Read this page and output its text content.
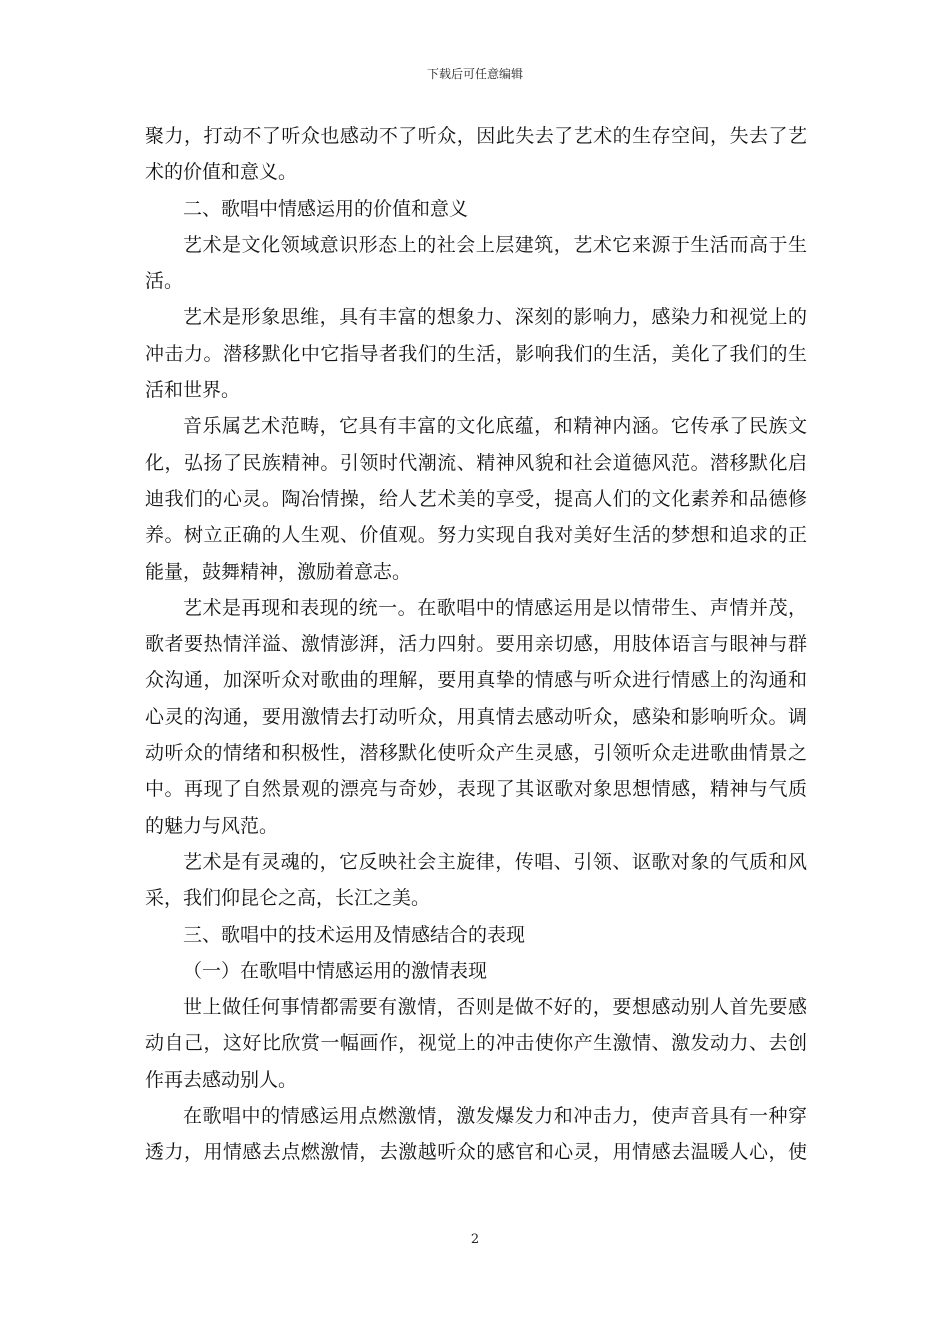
下载后可任意编辑
聚力，打动不了听众也感动不了听众，因此失去了艺术的生存空间，失去了艺
术的价值和意义。
二、歌唱中情感运用的价值和意义
艺术是文化领域意识形态上的社会上层建筑，艺术它来源于生活而高于生
活。
艺术是形象思维，具有丰富的想象力、深刻的影响力，感染力和视觉上的
冲击力。潜移默化中它指导者我们的生活，影响我们的生活，美化了我们的生
活和世界。
音乐属艺术范畴，它具有丰富的文化底蕴，和精神内涵。它传承了民族文
化，弘扬了民族精神。引领时代潮流、精神风貌和社会道德风范。潜移默化启
迪我们的心灵。陶冶情操，给人艺术美的享受，提高人们的文化素养和品德修
养。树立正确的人生观、价值观。努力实现自我对美好生活的梦想和追求的正
能量，鼓舞精神，激励着意志。
艺术是再现和表现的统一。在歌唱中的情感运用是以情带生、声情并茂，
歌者要热情洋溢、激情澎湃，活力四射。要用亲切感，用肢体语言与眼神与群
众沟通，加深听众对歌曲的理解，要用真挚的情感与听众进行情感上的沟通和
心灵的沟通，要用激情去打动听众，用真情去感动听众，感染和影响听众。调
动听众的情绪和积极性，潜移默化使听众产生灵感，引领听众走进歌曲情景之
中。再现了自然景观的漂亮与奇妙，表现了其讴歌对象思想情感，精神与气质
的魅力与风范。
艺术是有灵魂的，它反映社会主旋律，传唱、引领、讴歌对象的气质和风
采，我们仰昆仑之高，长江之美。
三、歌唱中的技术运用及情感结合的表现
（一）在歌唱中情感运用的激情表现
世上做任何事情都需要有激情，否则是做不好的，要想感动别人首先要感
动自己，这好比欣赏一幅画作，视觉上的冲击使你产生激情、激发动力、去创
作再去感动别人。
在歌唱中的情感运用点燃激情，激发爆发力和冲击力，使声音具有一种穿
透力，用情感去点燃激情，去激越听众的感官和心灵，用情感去温暖人心，使
2
